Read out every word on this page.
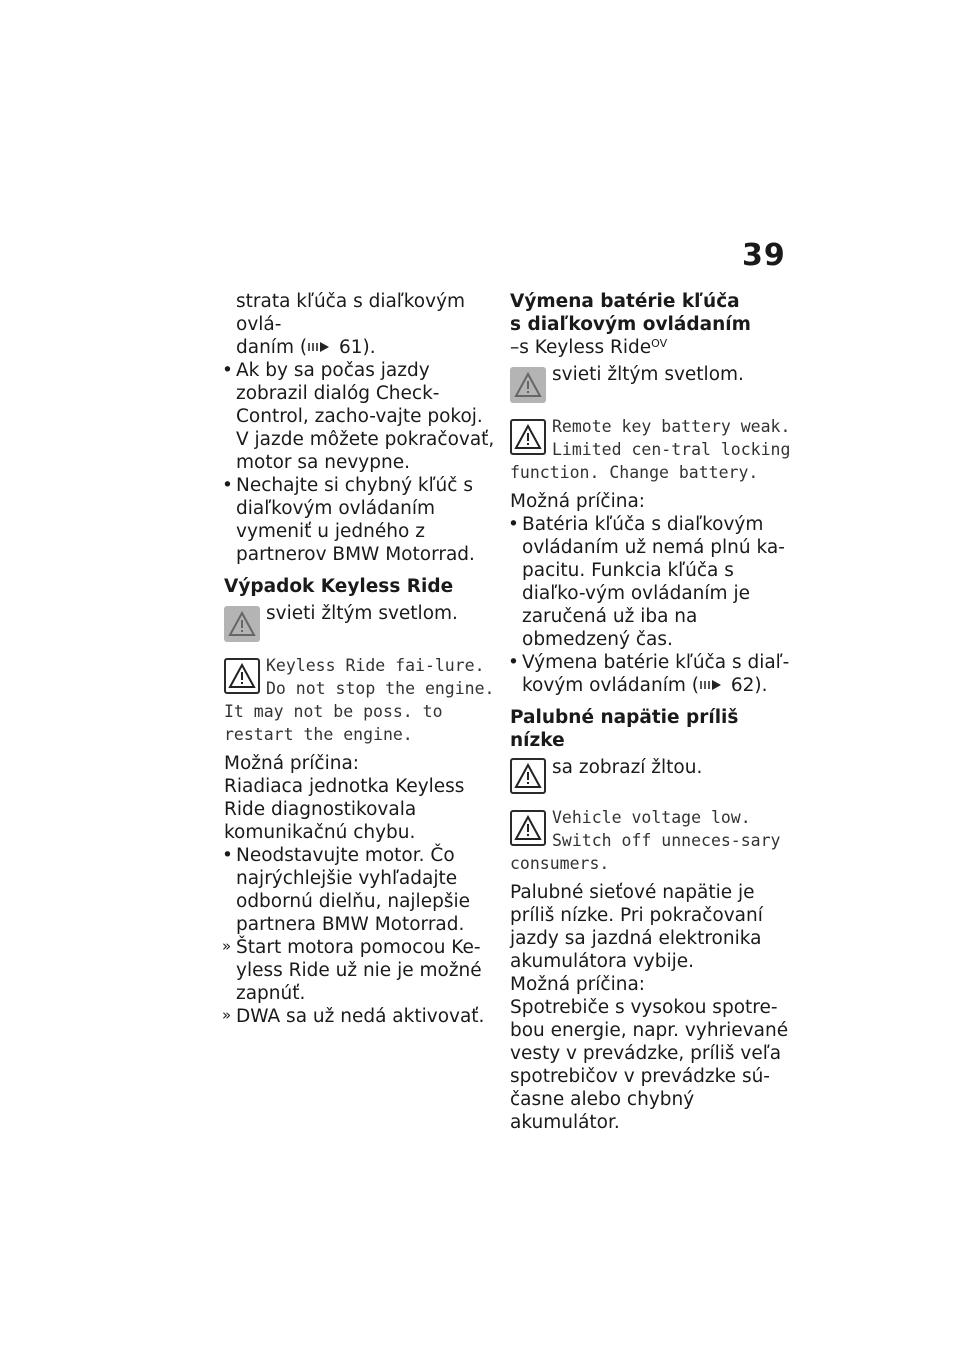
39

strata kľúča s diaľkovým ovlá-
daním ( 61).

• Ak by sa počas jazdy zobrazil dialóg Check-Control, zacho-vajte pokoj. V jazde môžete pokračovať, motor sa nevypne.

• Nechajte si chybný kľúč s diaľkovým ovládaním vymeniť u jedného z partnerov BMW Motorrad.

Výpadok Keyless Ride

svieti žltým svetlom.
Keyless Ride fai-lure. Do not stop the engine. It may not be poss. to restart the engine.

Možná príčina:

Riadiaca jednotka Keyless Ride diagnostikovala komunikačnú chybu.

• Neodstavujte motor. Čo najrýchlejšie vyhľadajte odbornú dielňu, najlepšie partnera BMW Motorrad.

» Štart motora pomocou Ke-yless Ride už nie je možné zapnúť.

» DWA sa už nedá aktivovať.

Výmena batérie kľúča
s diaľkovým ovládaním

–s Keyless Ride$^{OV}$

svieti žltým svetlom.
Remote key battery weak. Limited cen-tral locking function. Change battery.

Možná príčina:

• Batéria kľúča s diaľkovým ovládaním už nemá plnú ka-pacitu. Funkcia kľúča s diaľko-vým ovládaním je zaručená už iba na obmedzený čas.

• Výmena batérie kľúča s diaľ-
kovým ovládaním ( 62).

Palubné napätie príliš nízke

sa zobrazí žltou.
Vehicle voltage low. Switch off unneces-sary consumers.

Palubné sieťové napätie je príliš nízke. Pri pokračovaní jazdy sa jazdná elektronika akumulátora vybije.

Možná príčina:

Spotrebiče s vysokou spotre-bou energie, napr. vyhrievané vesty v prevádzke, príliš veľa spotrebičov v prevádzke sú-časne alebo chybný akumulátor.
